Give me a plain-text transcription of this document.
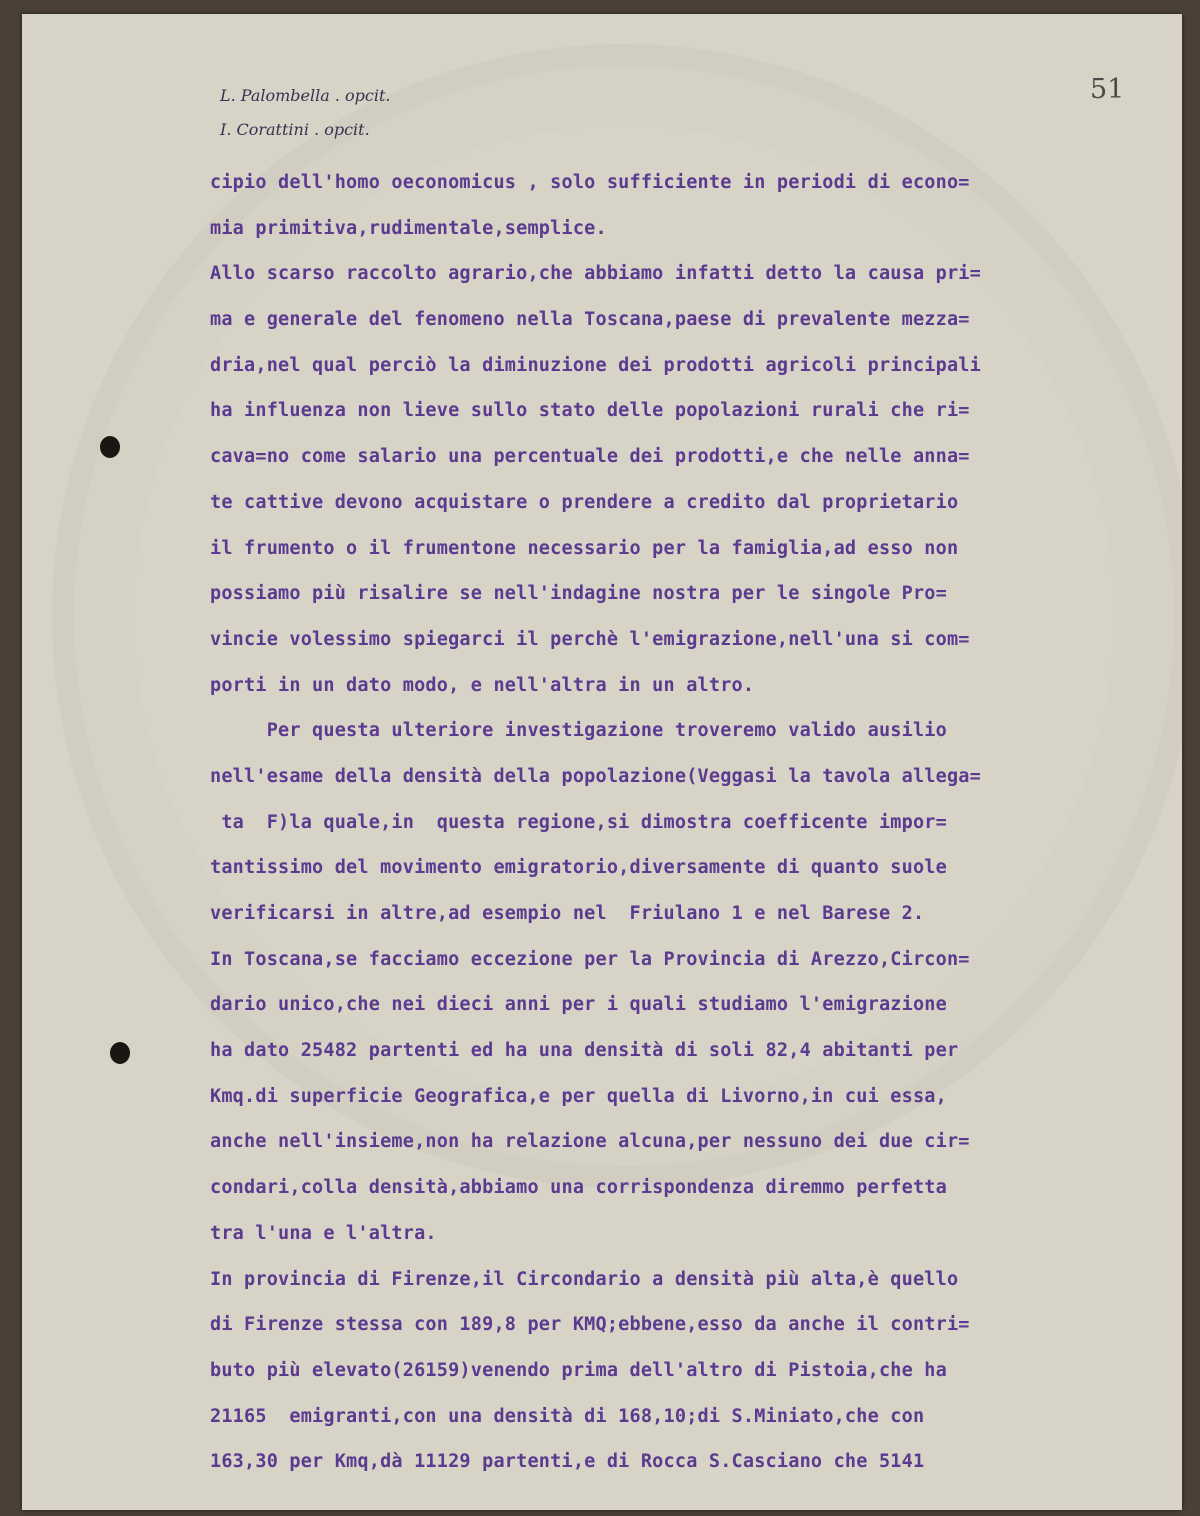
L. Palombella . opcit.
I. Corattini . opcit.
51
cipio dell'homo oeconomicus , solo sufficiente in periodi di econo=
mia primitiva,rudimentale,semplice.
Allo scarso raccolto agrario,che abbiamo infatti detto la causa pri=
ma e generale del fenomeno nella Toscana,paese di prevalente mezza=
dria,nel qual perciò la diminuzione dei prodotti agricoli principali
ha influenza non lieve sullo stato delle popolazioni rurali che ri=
cava=no come salario una percentuale dei prodotti,e che nelle anna=
te cattive devono acquistare o prendere a credito dal proprietario
il frumento o il frumentone necessario per la famiglia,ad esso non
possiamo più risalire se nell'indagine nostra per le singole Pro=
vincie volessimo spiegarci il perchè l'emigrazione,nell'una si com=
porti in un dato modo, e nell'altra in un altro.
Per questa ulteriore investigazione troveremo valido ausilio
nell'esame della densità della popolazione(Veggasi la tavola allega=
ta  F)la quale,in  questa regione,si dimostra coefficente impor=
tantissimo del movimento emigratorio,diversamente di quanto suole
verificarsi in altre,ad esempio nel  Friulano 1 e nel Barese 2.
In Toscana,se facciamo eccezione per la Provincia di Arezzo,Circon=
dario unico,che nei dieci anni per i quali studiamo l'emigrazione
ha dato 25482 partenti ed ha una densità di soli 82,4 abitanti per
Kmq.di superficie Geografica,e per quella di Livorno,in cui essa,
anche nell'insieme,non ha relazione alcuna,per nessuno dei due cir=
condari,colla densità,abbiamo una corrispondenza diremmo perfetta
tra l'una e l'altra.
In provincia di Firenze,il Circondario a densità più alta,è quello
di Firenze stessa con 189,8 per KMQ;ebbene,esso da anche il contri=
buto più elevato(26159)venendo prima dell'altro di Pistoia,che ha
21165  emigranti,con una densità di 168,10;di S.Miniato,che con
163,30 per Kmq,dà 11129 partenti,e di Rocca S.Casciano che 5141
